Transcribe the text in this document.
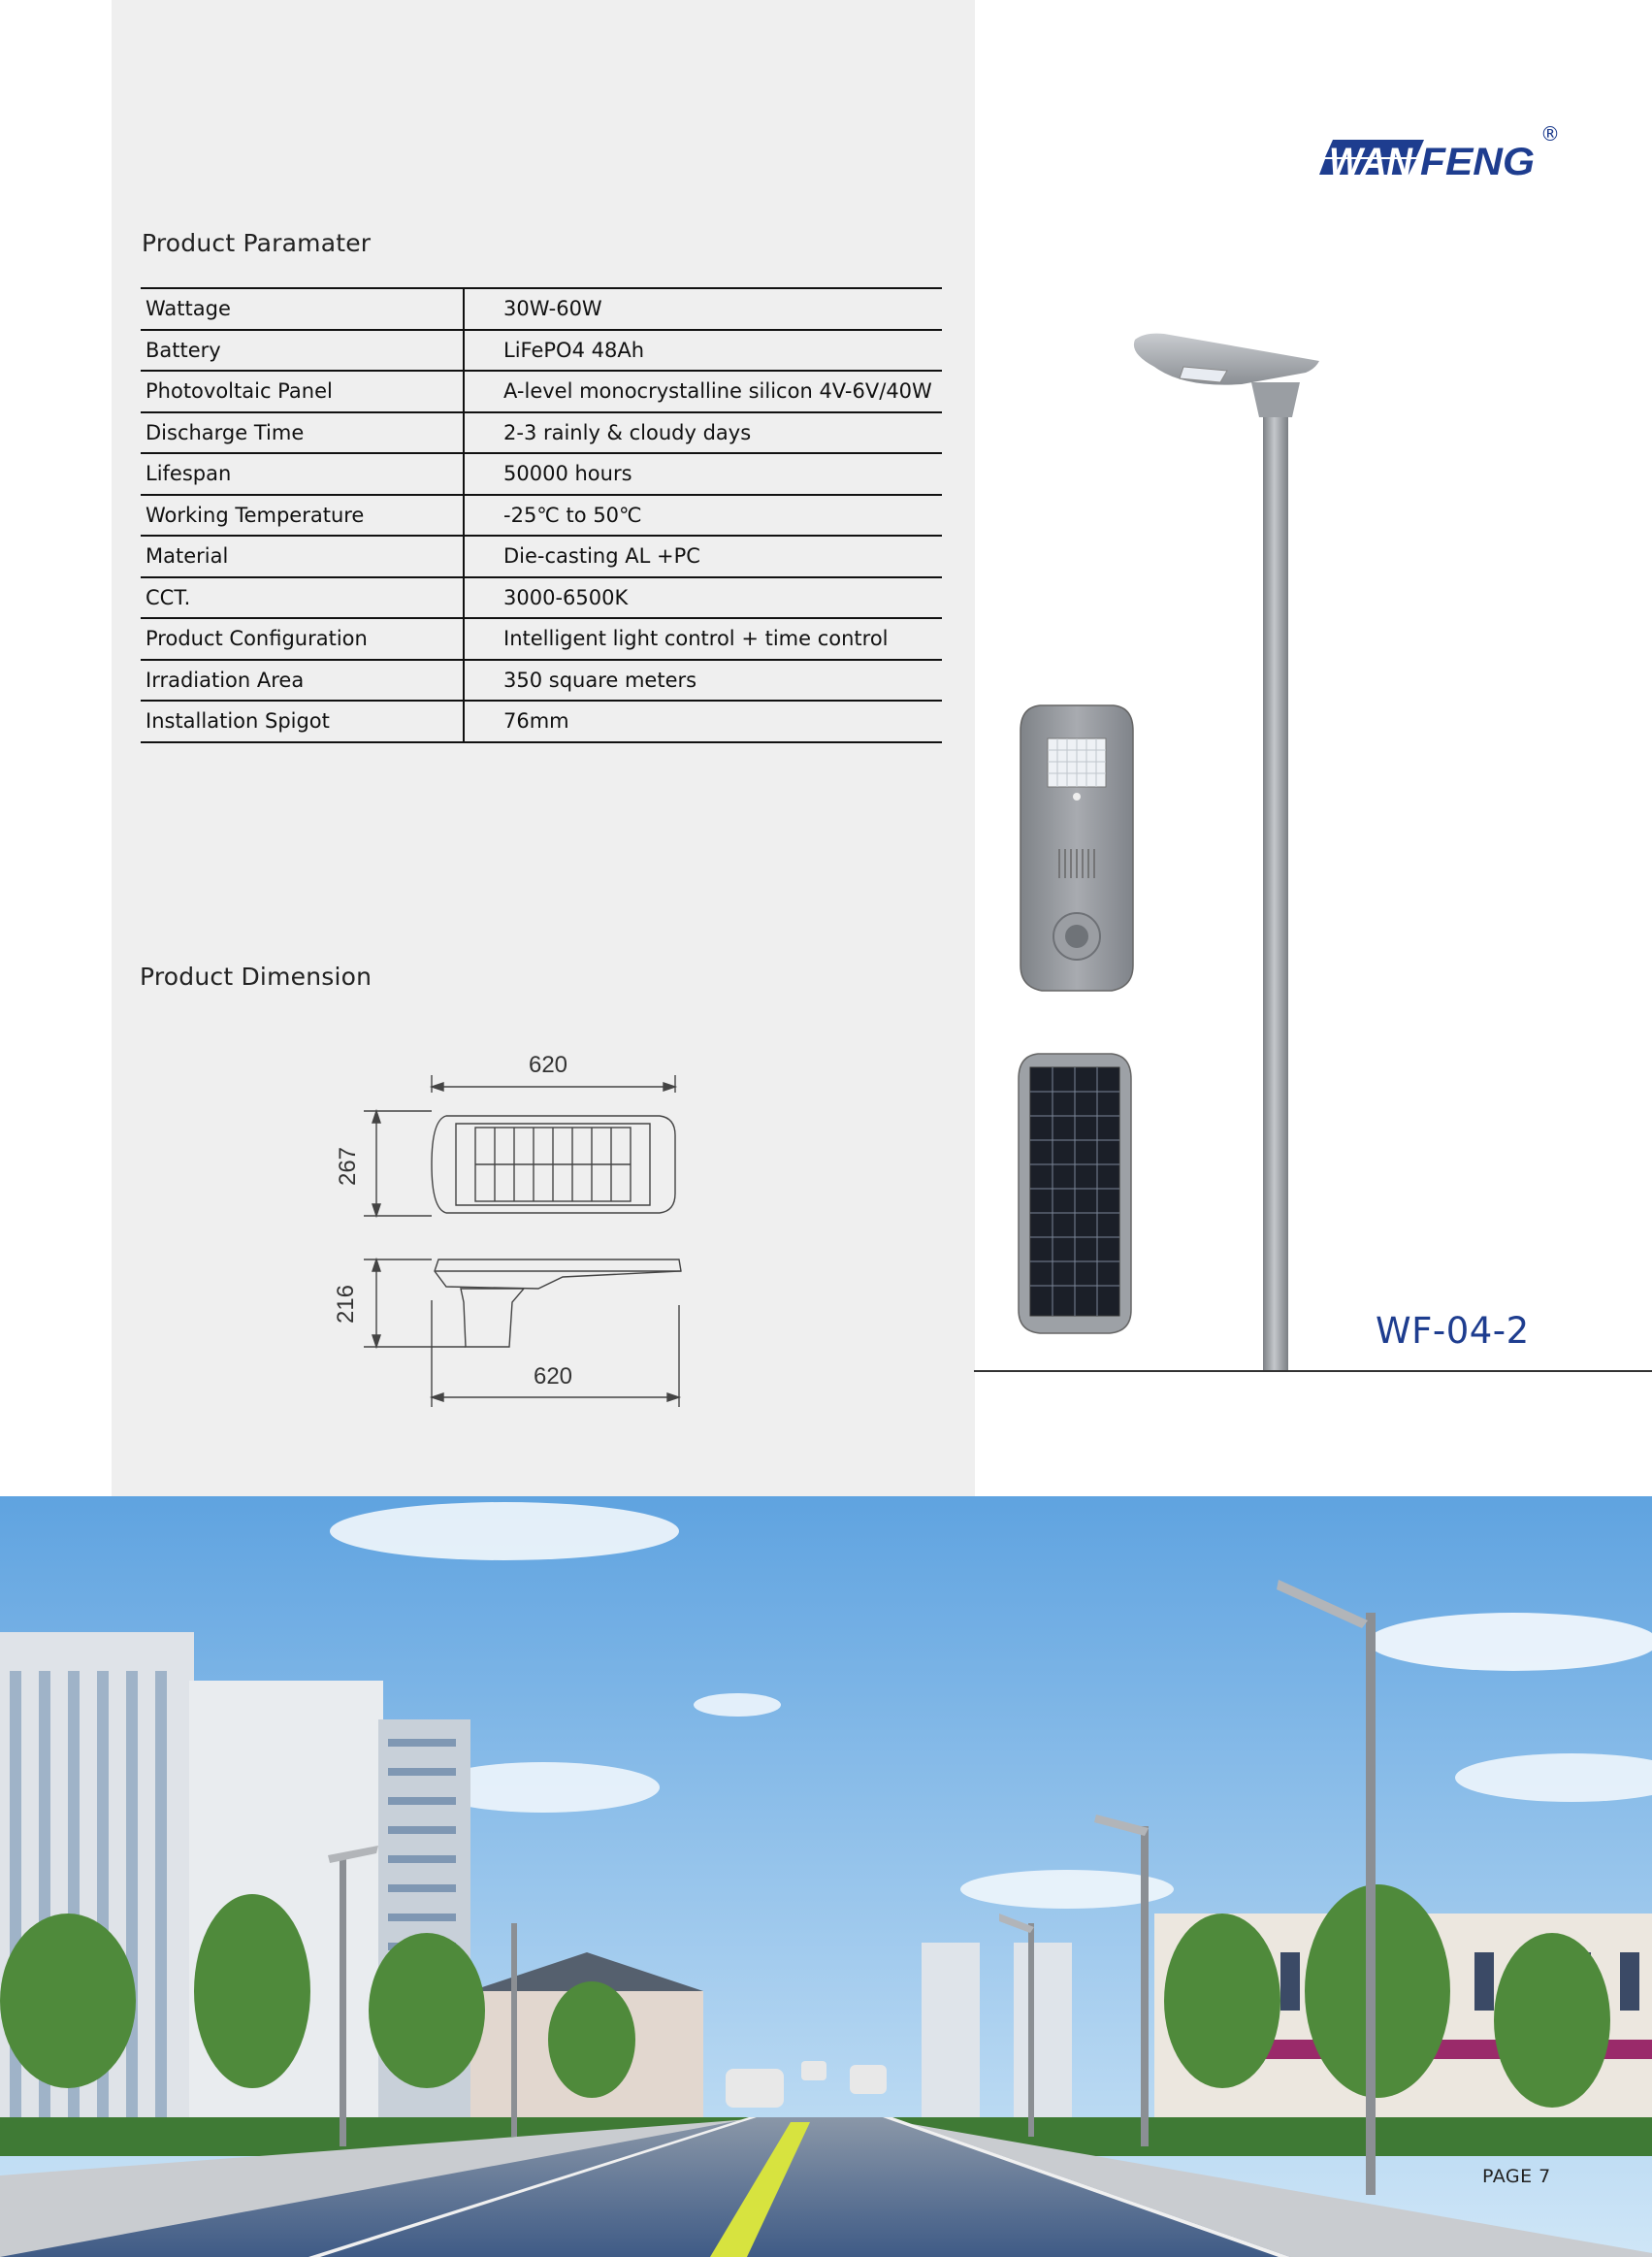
Product Paramater
Wattage	30W-60W
Battery	LiFePO4 48Ah
Photovoltaic Panel	A-level monocrystalline silicon 4V-6V/40W
Discharge Time	2-3 rainly & cloudy days
Lifespan	50000 hours
Working Temperature	-25℃ to 50℃
Material	Die-casting AL +PC
CCT.	3000-6500K
Product Configuration	Intelligent light control + time control
Irradiation Area	350 square meters
Installation Spigot	76mm
Product Dimension
620
267
216
620
WAN FENG
®
WF-04-2
PAGE 7
